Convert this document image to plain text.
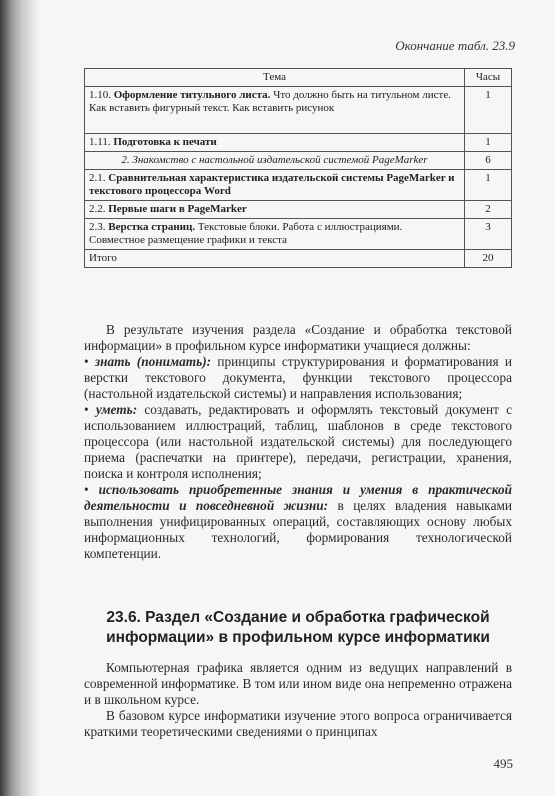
Окончание табл. 23.9
Тема	Часы
1.10. Оформление титульного листа. Что должно быть на титульном листе. Как вставить фигурный текст. Как вставить рисунок	1
1.11. Подготовка к печати	1
2. Знакомство с настольной издательской системой PageMarker	6
2.1. Сравнительная характеристика издательской системы PageMarker и текстового процессора Word	1
2.2. Первые шаги в PageMarker	2
2.3. Верстка страниц. Текстовые блоки. Работа с иллюстрациями. Совместное размещение графики и текста	3
Итого	20

В результате изучения раздела «Создание и обработка текстовой информации» в профильном курсе информатики учащиеся должны:

• знать (понимать): принципы структурирования и форматирования и верстки текстового документа, функции текстового процессора (настольной издательской системы) и направления использования;

• уметь: создавать, редактировать и оформлять текстовый документ с использованием иллюстраций, таблиц, шаблонов в среде текстового процессора (или настольной издательской системы) для последующего приема (распечатки на принтере), передачи, регистрации, хранения, поиска и контроля исполнения;

• использовать приобретенные знания и умения в практической деятельности и повседневной жизни: в целях владения навыками выполнения унифицированных операций, составляющих основу любых информационных технологий, формирования технологической компетенции.

23.6. Раздел «Создание и обработка графической информации» в профильном курсе информатики

Компьютерная графика является одним из ведущих направлений в современной информатике. В том или ином виде она непременно отражена и в школьном курсе.

В базовом курсе информатики изучение этого вопроса ограничивается краткими теоретическими сведениями о принципах

495
